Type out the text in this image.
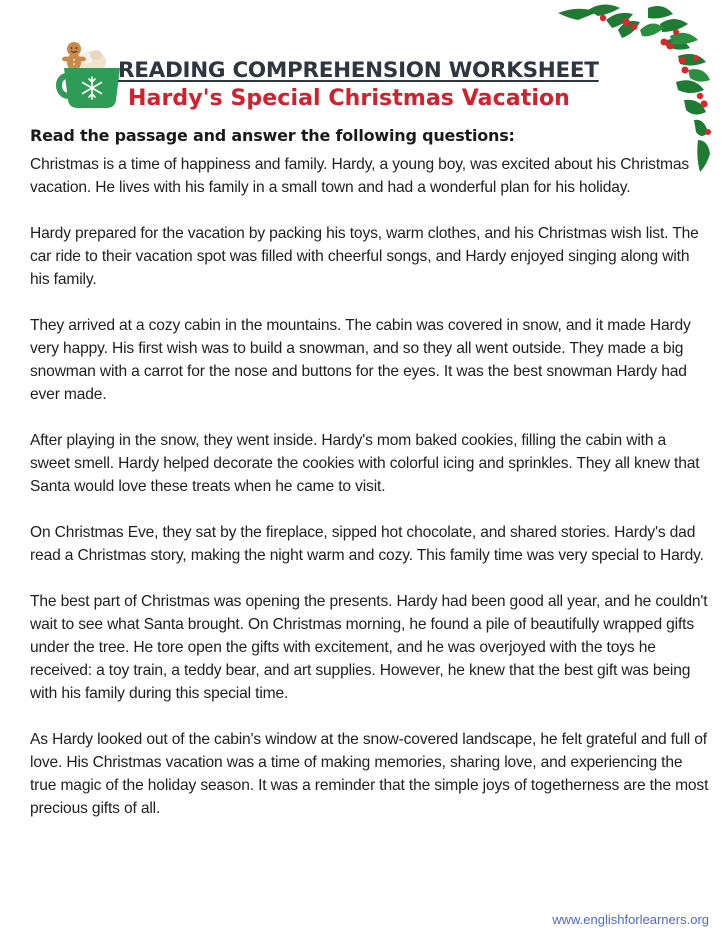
READING COMPREHENSION WORKSHEET
Hardy's Special Christmas Vacation
Read the passage and answer the following questions:

Christmas is a time of happiness and family. Hardy, a young boy, was excited about his Christmas vacation. He lives with his family in a small town and had a wonderful plan for his holiday.

Hardy prepared for the vacation by packing his toys, warm clothes, and his Christmas wish list. The car ride to their vacation spot was filled with cheerful songs, and Hardy enjoyed singing along with his family.

They arrived at a cozy cabin in the mountains. The cabin was covered in snow, and it made Hardy very happy. His first wish was to build a snowman, and so they all went outside. They made a big snowman with a carrot for the nose and buttons for the eyes. It was the best snowman Hardy had ever made.

After playing in the snow, they went inside. Hardy's mom baked cookies, filling the cabin with a sweet smell. Hardy helped decorate the cookies with colorful icing and sprinkles. They all knew that Santa would love these treats when he came to visit.

On Christmas Eve, they sat by the fireplace, sipped hot chocolate, and shared stories. Hardy's dad read a Christmas story, making the night warm and cozy. This family time was very special to Hardy.

The best part of Christmas was opening the presents. Hardy had been good all year, and he couldn't wait to see what Santa brought. On Christmas morning, he found a pile of beautifully wrapped gifts under the tree. He tore open the gifts with excitement, and he was overjoyed with the toys he received: a toy train, a teddy bear, and art supplies. However, he knew that the best gift was being with his family during this special time.

As Hardy looked out of the cabin's window at the snow-covered landscape, he felt grateful and full of love. His Christmas vacation was a time of making memories, sharing love, and experiencing the true magic of the holiday season. It was a reminder that the simple joys of togetherness are the most precious gifts of all.

www.englishforlearners.org
